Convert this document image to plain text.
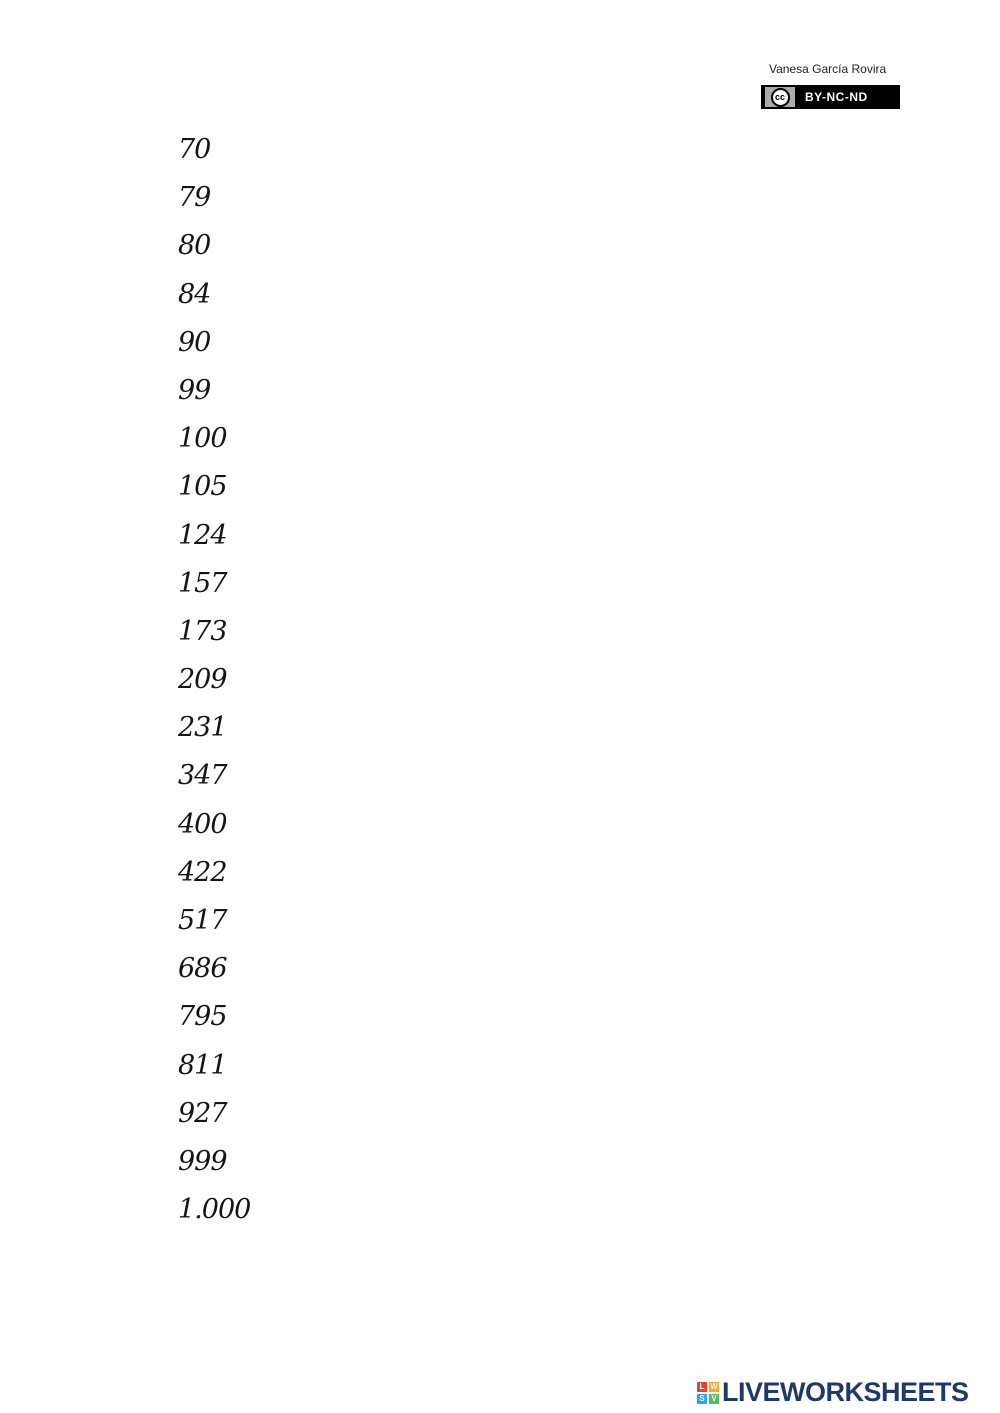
Vanesa García Rovira
cc	BY-NC-ND
70
79
80
84
90
99
100
105
124
157
173
209
231
347
400
422
517
686
795
811
927
999
1.000
L W
S V LIVEWORKSHEETS
